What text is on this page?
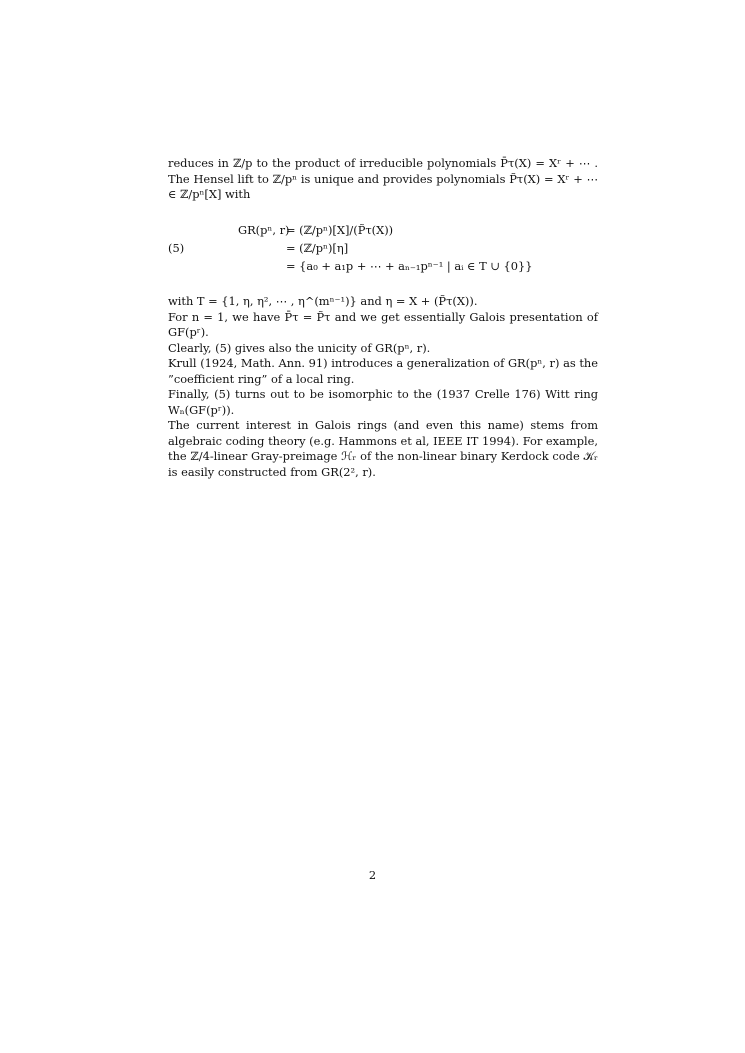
reduces in ℤ/p to the product of irreducible polynomials P̄τ(X) = Xʳ + ⋯ . The Hensel lift to ℤ/pⁿ is unique and provides polynomials P̃τ(X) = Xʳ + ⋯ ∈ ℤ/pⁿ[X] with

(5)
GR(pⁿ, r)
= (ℤ/pⁿ)[X]/(P̃τ(X))
= (ℤ/pⁿ)[η]
= {a₀ + a₁p + ⋯ + aₙ₋₁pⁿ⁻¹ | aᵢ ∈ T ∪ {0}}

with T = {1, η, η², ⋯ , η^(mⁿ⁻¹)} and η = X + (P̃τ(X)).

For n = 1, we have P̄τ = P̃τ and we get essentially Galois presentation of GF(pʳ).

Clearly, (5) gives also the unicity of GR(pⁿ, r).

Krull (1924, Math. Ann. 91) introduces a generalization of GR(pⁿ, r) as the ”coefficient ring” of a local ring.

Finally, (5) turns out to be isomorphic to the (1937 Crelle 176) Witt ring Wₙ(GF(pʳ)).

The current interest in Galois rings (and even this name) stems from algebraic coding theory (e.g. Hammons et al, IEEE IT 1994). For example, the ℤ/4-linear Gray-preimage ℋᵣ of the non-linear binary Kerdock code 𝒦ᵣ is easily constructed from GR(2², r).

2
